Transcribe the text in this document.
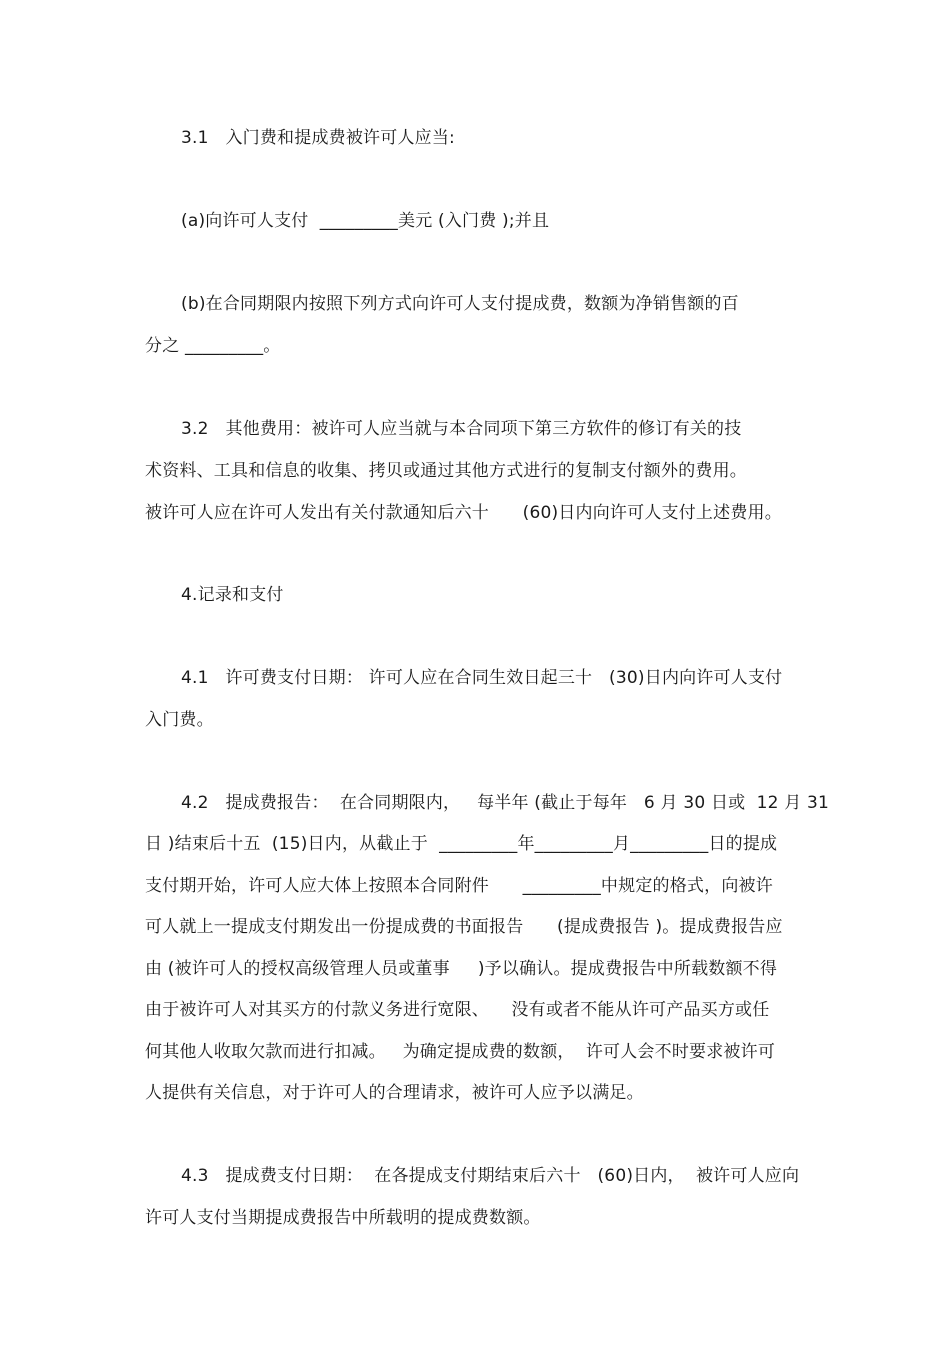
3.1   入门费和提成费被许可人应当:
(a)向许可人支付  _________美元 (入门费 );并且
(b)在合同期限内按照下列方式向许可人支付提成费，数额为净销售额的百
分之 _________。
3.2   其他费用：被许可人应当就与本合同项下第三方软件的修订有关的技
术资料、工具和信息的收集、拷贝或通过其他方式进行的复制支付额外的费用。
被许可人应在许可人发出有关付款通知后六十      (60)日内向许可人支付上述费用。
4.记录和支付
4.1   许可费支付日期： 许可人应在合同生效日起三十   (30)日内向许可人支付
入门费。
4.2   提成费报告：  在合同期限内，   每半年 (截止于每年   6 月 30 日或  12 月 31
日 )结束后十五  (15)日内，从截止于  _________年_________月_________日的提成
支付期开始，许可人应大体上按照本合同附件      _________中规定的格式，向被许
可人就上一提成支付期发出一份提成费的书面报告      (提成费报告 )。提成费报告应
由 (被许可人的授权高级管理人员或董事     )予以确认。提成费报告中所载数额不得
由于被许可人对其买方的付款义务进行宽限、    没有或者不能从许可产品买方或任
何其他人收取欠款而进行扣减。   为确定提成费的数额，  许可人会不时要求被许可
人提供有关信息，对于许可人的合理请求，被许可人应予以满足。
4.3   提成费支付日期：  在各提成支付期结束后六十   (60)日内，  被许可人应向
许可人支付当期提成费报告中所载明的提成费数额。
